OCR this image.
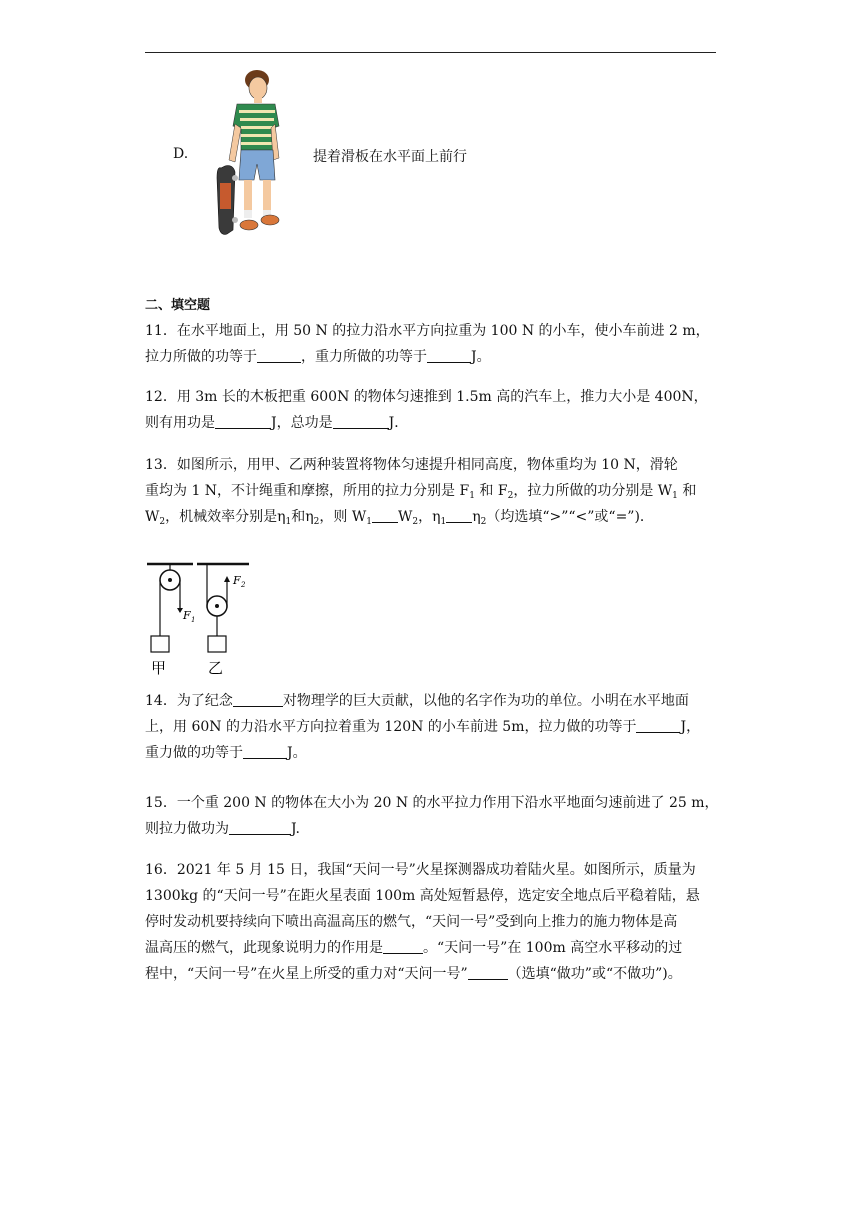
D.	提着滑板在水平面上前行
二、填空题
11．在水平地面上，用 50 N 的拉力沿水平方向拉重为 100 N 的小车，使小车前进 2 m，
拉力所做的功等于	，重力所做的功等于	J。
12．用 3m 长的木板把重 600N 的物体匀速推到 1.5m 高的汽车上，推力大小是 400N，
则有用功是	J，总功是	J．
13．如图所示，用甲、乙两种装置将物体匀速提升相同高度，物体重均为 10 N，滑轮
重均为 1 N，不计绳重和摩擦，所用的拉力分别是 $F_1$ 和 $F_2$，拉力所做的功分别是 $W_1$ 和
$W_2$，机械效率分别是$\eta_1$和$\eta_2$，则 $W_1$ $W_2$，$\eta_1$ $\eta_2$（均选填“>”“<”或“=”)．
F 1
F 2
甲	乙
14．为了纪念	对物理学的巨大贡献，以他的名字作为功的单位。小明在水平地面
上，用 60N 的力沿水平方向拉着重为 120N 的小车前进 5m，拉力做的功等于	J，
重力做的功等于	J。
15．一个重 200 N 的物体在大小为 20 N 的水平拉力作用下沿水平地面匀速前进了 25 m，
则拉力做功为	J.
16．2021 年 5 月 15 日，我国“天问一号”火星探测器成功着陆火星。如图所示，质量为
1300kg 的“天问一号”在距火星表面 100m 高处短暂悬停，选定安全地点后平稳着陆，悬
停时发动机要持续向下喷出高温高压的燃气，“天问一号”受到向上推力的施力物体是高
温高压的燃气，此现象说明力的作用是	。“天问一号”在 100m 高空水平移动的过
程中，“天问一号”在火星上所受的重力对“天问一号”	（选填“做功”或“不做功”)。
